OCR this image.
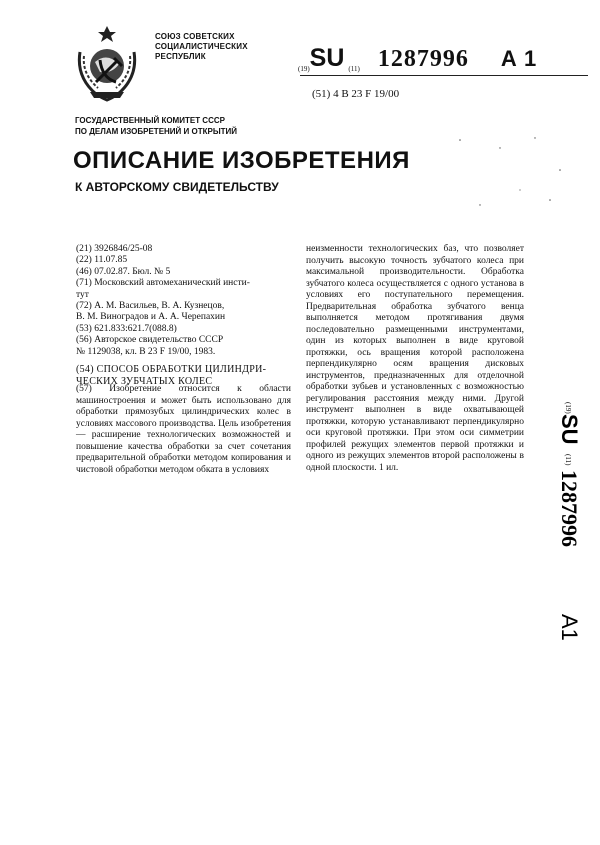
СОЮЗ СОВЕТСКИХ
СОЦИАЛИСТИЧЕСКИХ
РЕСПУБЛИК
(19)SU (11) 1287996 A 1
(51) 4 B 23 F 19/00
ГОСУДАРСТВЕННЫЙ КОМИТЕТ СССР
ПО ДЕЛАМ ИЗОБРЕТЕНИЙ И ОТКРЫТИЙ
ОПИСАНИЕ ИЗОБРЕТЕНИЯ
К АВТОРСКОМУ СВИДЕТЕЛЬСТВУ
(21) 3926846/25-08
(22) 11.07.85
(46) 07.02.87. Бюл. № 5
(71) Московский автомеханический инсти-
тут
(72) А. М. Васильев, В. А. Кузнецов,
В. М. Виноградов и А. А. Черепахин
(53) 621.833:621.7(088.8)
(56) Авторское свидетельство СССР
№ 1129038, кл. В 23 F 19/00, 1983.
(54) СПОСОБ ОБРАБОТКИ ЦИЛИНДРИ-ЧЕСКИХ ЗУБЧАТЫХ КОЛЕС
(57) Изобретение относится к области машиностроения и может быть использовано для обработки прямозубых цилиндрических колес в условиях массового производства. Цель изобретения — расширение технологических возможностей и повышение качества обработки за счет сочетания предварительной обработки методом копирования и чистовой обработки методом обката в условиях
неизменности технологических баз, что позволяет получить высокую точность зубчатого колеса при максимальной производительности. Обработка зубчатого колеса осуществляется с одного установа в условиях его поступательного перемещения. Предварительная обработка зубчатого венца выполняется методом протягивания двумя последовательно размещенными инструментами, один из которых выполнен в виде круговой протяжки, ось вращения которой расположена перпендикулярно осям вращения дисковых инструментов, предназначенных для отделочной обработки зубьев и установленных с возможностью регулирования расстояния между ними. Другой инструмент выполнен в виде охватывающей протяжки, которую устанавливают перпендикулярно оси круговой протяжки. При этом оси симметрии профилей режущих элементов первой протяжки и одного из режущих элементов второй расположены в одной плоскости. 1 ил.
(19)
SU
(11)
1287996
A1
